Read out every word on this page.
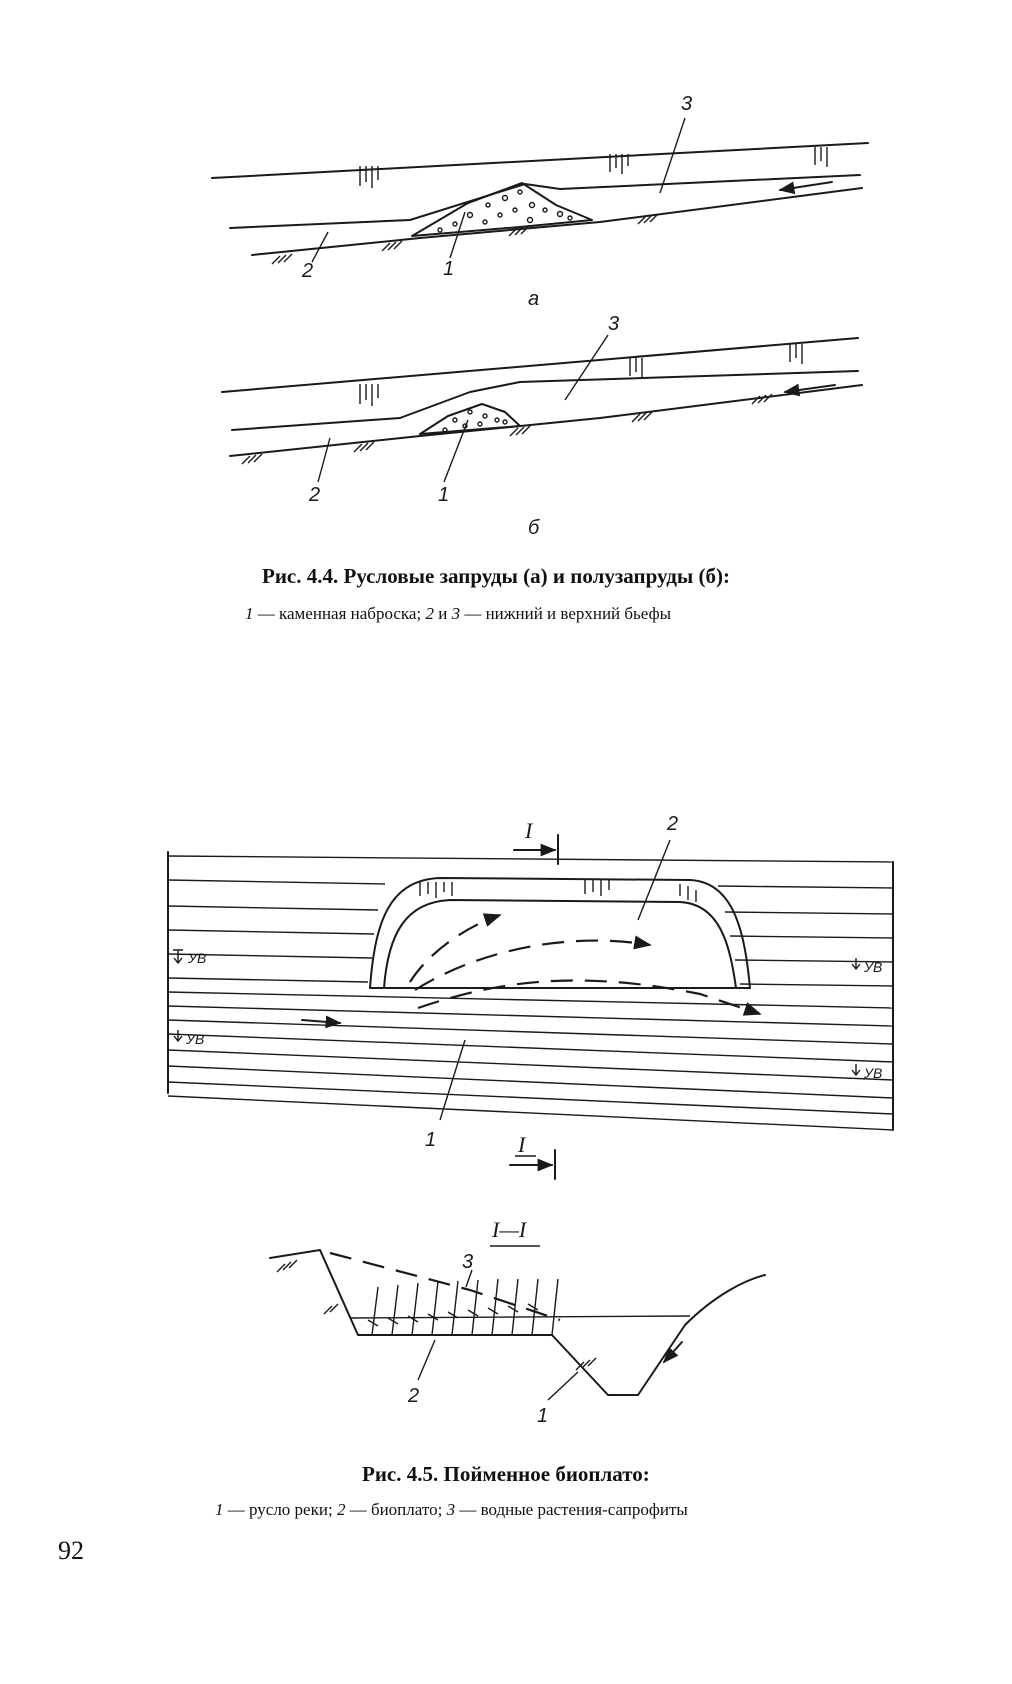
1
2
3
а
1
2
3
б
I
I
УВ
УВ
УВ
УВ
1
2
I—I
1
2
3
Рис. 4.4. Русловые запруды (а) и полузапруды (б):
1 — каменная наброска; 2 и 3 — нижний и верхний бьефы
Рис. 4.5. Пойменное биоплато:
1 — русло реки; 2 — биоплато; 3 — водные растения-сапрофиты
92
